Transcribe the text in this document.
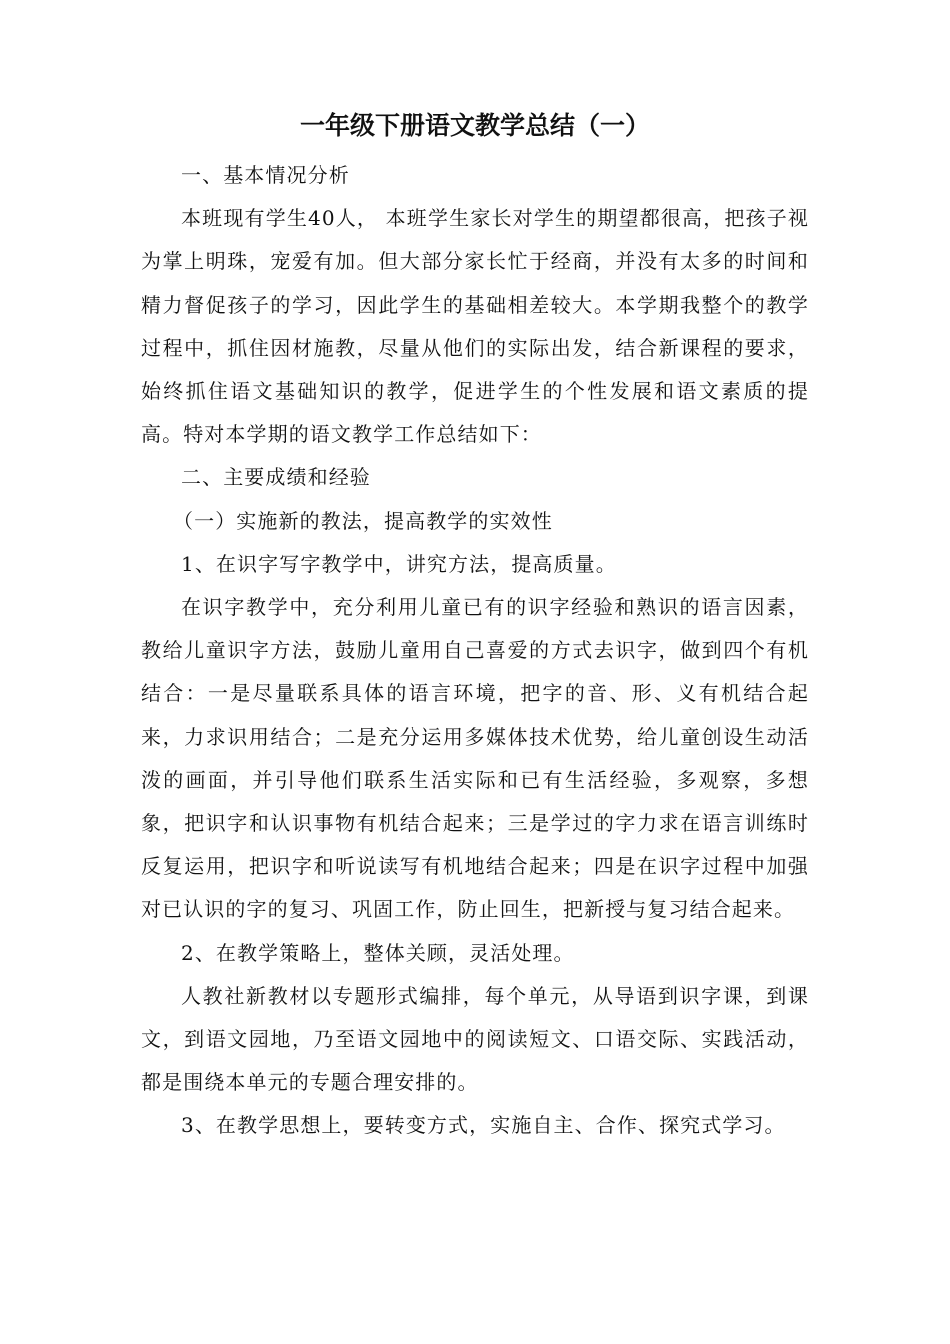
一年级下册语文教学总结（一）

一、基本情况分析

本班现有学生40人， 本班学生家长对学生的期望都很高，把孩子视为掌上明珠，宠爱有加。但大部分家长忙于经商，并没有太多的时间和精力督促孩子的学习，因此学生的基础相差较大。本学期我整个的教学过程中，抓住因材施教，尽量从他们的实际出发，结合新课程的要求，始终抓住语文基础知识的教学，促进学生的个性发展和语文素质的提高。特对本学期的语文教学工作总结如下：

二、主要成绩和经验

（一）实施新的教法，提高教学的实效性

1、在识字写字教学中，讲究方法，提高质量。

在识字教学中，充分利用儿童已有的识字经验和熟识的语言因素，教给儿童识字方法，鼓励儿童用自己喜爱的方式去识字，做到四个有机结合：一是尽量联系具体的语言环境，把字的音、形、义有机结合起来，力求识用结合；二是充分运用多媒体技术优势，给儿童创设生动活泼的画面，并引导他们联系生活实际和已有生活经验，多观察，多想象，把识字和认识事物有机结合起来；三是学过的字力求在语言训练时反复运用，把识字和听说读写有机地结合起来；四是在识字过程中加强对已认识的字的复习、巩固工作，防止回生，把新授与复习结合起来。

2、在教学策略上，整体关顾，灵活处理。

人教社新教材以专题形式编排，每个单元，从导语到识字课，到课文，到语文园地，乃至语文园地中的阅读短文、口语交际、实践活动，都是围绕本单元的专题合理安排的。

3、在教学思想上，要转变方式，实施自主、合作、探究式学习。
